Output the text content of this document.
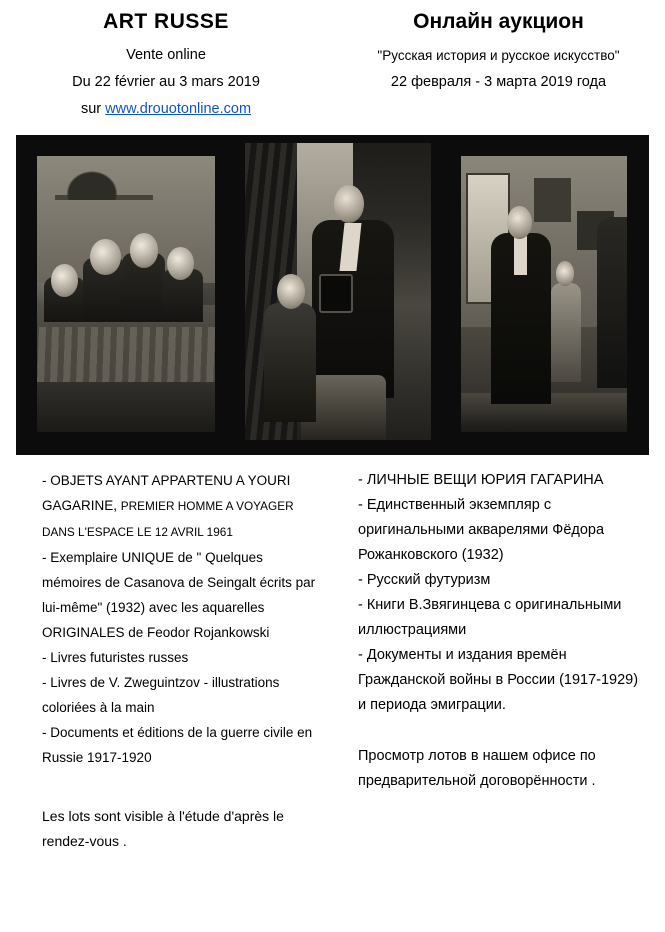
ART RUSSE
Vente online
Du 22 février au 3 mars 2019
sur www.drouotonline.com
Онлайн аукцион
"Русская история и русское искусство"
22 февраля - 3 марта 2019 года

- OBJETS AYANT APPARTENU A YOURI GAGARINE, PREMIER HOMME A VOYAGER DANS L'ESPACE LE 12 AVRIL 1961

- Exemplaire UNIQUE de " Quelques mémoires de Casanova de Seingalt écrits par lui-même" (1932) avec les aquarelles ORIGINALES de Feodor Rojankowski

- Livres futuristes russes

- Livres de V. Zweguintzov - illustrations coloriées à la main

- Documents et éditions de la guerre civile en Russie 1917-1920

Les lots sont visible à l'étude d'après le rendez-vous .

- ЛИЧНЫЕ ВЕЩИ ЮРИЯ ГАГАРИНА

- Единственный экземпляр с оригинальными акварелями Фёдора Рожанковского (1932)

- Русский футуризм

- Книги В.Звягинцева с оригинальными иллюстрациями

- Документы и издания времён Гражданской войны в России (1917-1929) и периода эмиграции.

Просмотр лотов в нашем офисе по предварительной договорённости .
